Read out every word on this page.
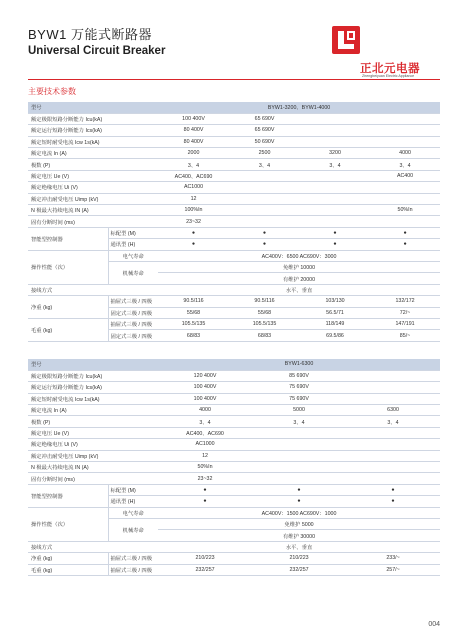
BYW1 万能式断路器
Universal Circuit Breaker
正北元电器
Zhengbeiyuan Electric Appliance
主要技术参数
型号		BYW1-3200、BYW1-4000			
额定极限短路分断能力 Icu(kA)		100 400V	65 690V		
额定运行短路分断能力 Ics(kA)		80 400V	65 690V		
额定短时耐受电流 Icw 1s(kA)		80 400V	50 690V		
额定电流 In (A)		2000	2500	3200	4000
极数 (P)		3、4	3、4	3、4	3、4
额定电压 Ue (V)		AC400、AC690			AC400
额定绝缘电压 Ui (V)		AC1000			
额定冲击耐受电压 Uimp (kV)		12			
N 极最大持续电流 IN (A)		100%In			50%In
固有分断时间 (ms)		23~32			
智能型控制器	标配型 (M)	●	●	●	●
	通讯型 (H)	●	●	●	●
操作性能（次）	电气寿命	AC400V：6500 AC690V：3000			
	机械寿命	免维护 10000			
		有维护 20000			
接线方式		水平、垂直			
净重 (kg)	抽屉式三极 / 四极	90.5/116	90.5/116	103/130	132/172
	固定式三极 / 四极	55/68	55/68	56.5/71	72/~
毛重 (kg)	抽屉式三极 / 四极	105.5/135	105.5/135	118/149	147/191
	固定式三极 / 四极	68/83	68/83	69.5/86	85/~
型号		BYW1-6300		
额定极限短路分断能力 Icu(kA)		120 400V	85 690V	
额定运行短路分断能力 Ics(kA)		100 400V	75 690V	
额定短时耐受电流 Icw 1s(kA)		100 400V	75 690V	
额定电流 In (A)		4000	5000	6300
极数 (P)		3、4	3、4	3、4
额定电压 Ue (V)		AC400、AC690		
额定绝缘电压 Ui (V)		AC1000		
额定冲击耐受电压 Uimp (kV)		12		
N 极最大持续电流 IN (A)		50%In		
固有分断时间 (ms)		23~32		
智能型控制器	标配型 (M)	●	●	●
	通讯型 (H)	●	●	●
操作性能（次）	电气寿命	AC400V：1500 AC690V：1000		
	机械寿命	免维护 5000		
		有维护 30000		
接线方式		水平、垂直		
净重 (kg)	抽屉式三极 / 四极	210/223	210/223	233/~
毛重 (kg)	抽屉式三极 / 四极	232/257	232/257	257/~
004
